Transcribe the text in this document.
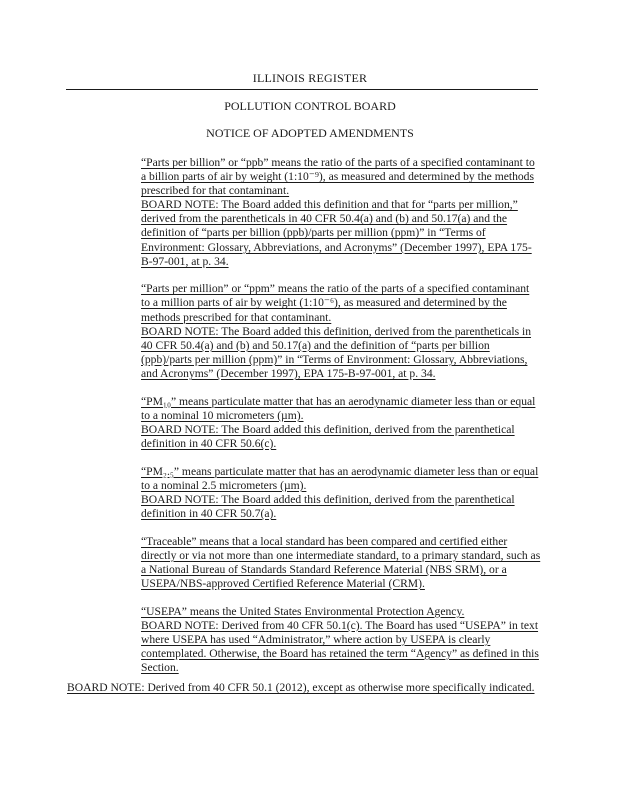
ILLINOIS REGISTER
POLLUTION CONTROL BOARD
NOTICE OF ADOPTED AMENDMENTS

“Parts per billion” or “ppb” means the ratio of the parts of a specified contaminant to a billion parts of air by weight (1:10⁻⁹), as measured and determined by the methods prescribed for that contaminant.

BOARD NOTE: The Board added this definition and that for “parts per million,” derived from the parentheticals in 40 CFR 50.4(a) and (b) and 50.17(a) and the definition of “parts per billion (ppb)/parts per million (ppm)” in “Terms of Environment: Glossary, Abbreviations, and Acronyms” (December 1997), EPA 175-B-97-001, at p. 34.

“Parts per million” or “ppm” means the ratio of the parts of a specified contaminant to a million parts of air by weight (1:10⁻⁶), as measured and determined by the methods prescribed for that contaminant.

BOARD NOTE: The Board added this definition, derived from the parentheticals in 40 CFR 50.4(a) and (b) and 50.17(a) and the definition of “parts per billion (ppb)/parts per million (ppm)” in “Terms of Environment: Glossary, Abbreviations, and Acronyms” (December 1997), EPA 175-B-97-001, at p. 34.

“PM₁₀” means particulate matter that has an aerodynamic diameter less than or equal to a nominal 10 micrometers (µm).

BOARD NOTE: The Board added this definition, derived from the parenthetical definition in 40 CFR 50.6(c).

“PM₂.₅” means particulate matter that has an aerodynamic diameter less than or equal to a nominal 2.5 micrometers (µm).

BOARD NOTE: The Board added this definition, derived from the parenthetical definition in 40 CFR 50.7(a).

“Traceable” means that a local standard has been compared and certified either directly or via not more than one intermediate standard, to a primary standard, such as a National Bureau of Standards Standard Reference Material (NBS SRM), or a USEPA/NBS-approved Certified Reference Material (CRM).

“USEPA” means the United States Environmental Protection Agency.

BOARD NOTE: Derived from 40 CFR 50.1(c). The Board has used “USEPA” in text where USEPA has used “Administrator,” where action by USEPA is clearly contemplated. Otherwise, the Board has retained the term “Agency” as defined in this Section.

BOARD NOTE: Derived from 40 CFR 50.1 (2012), except as otherwise more specifically indicated.
